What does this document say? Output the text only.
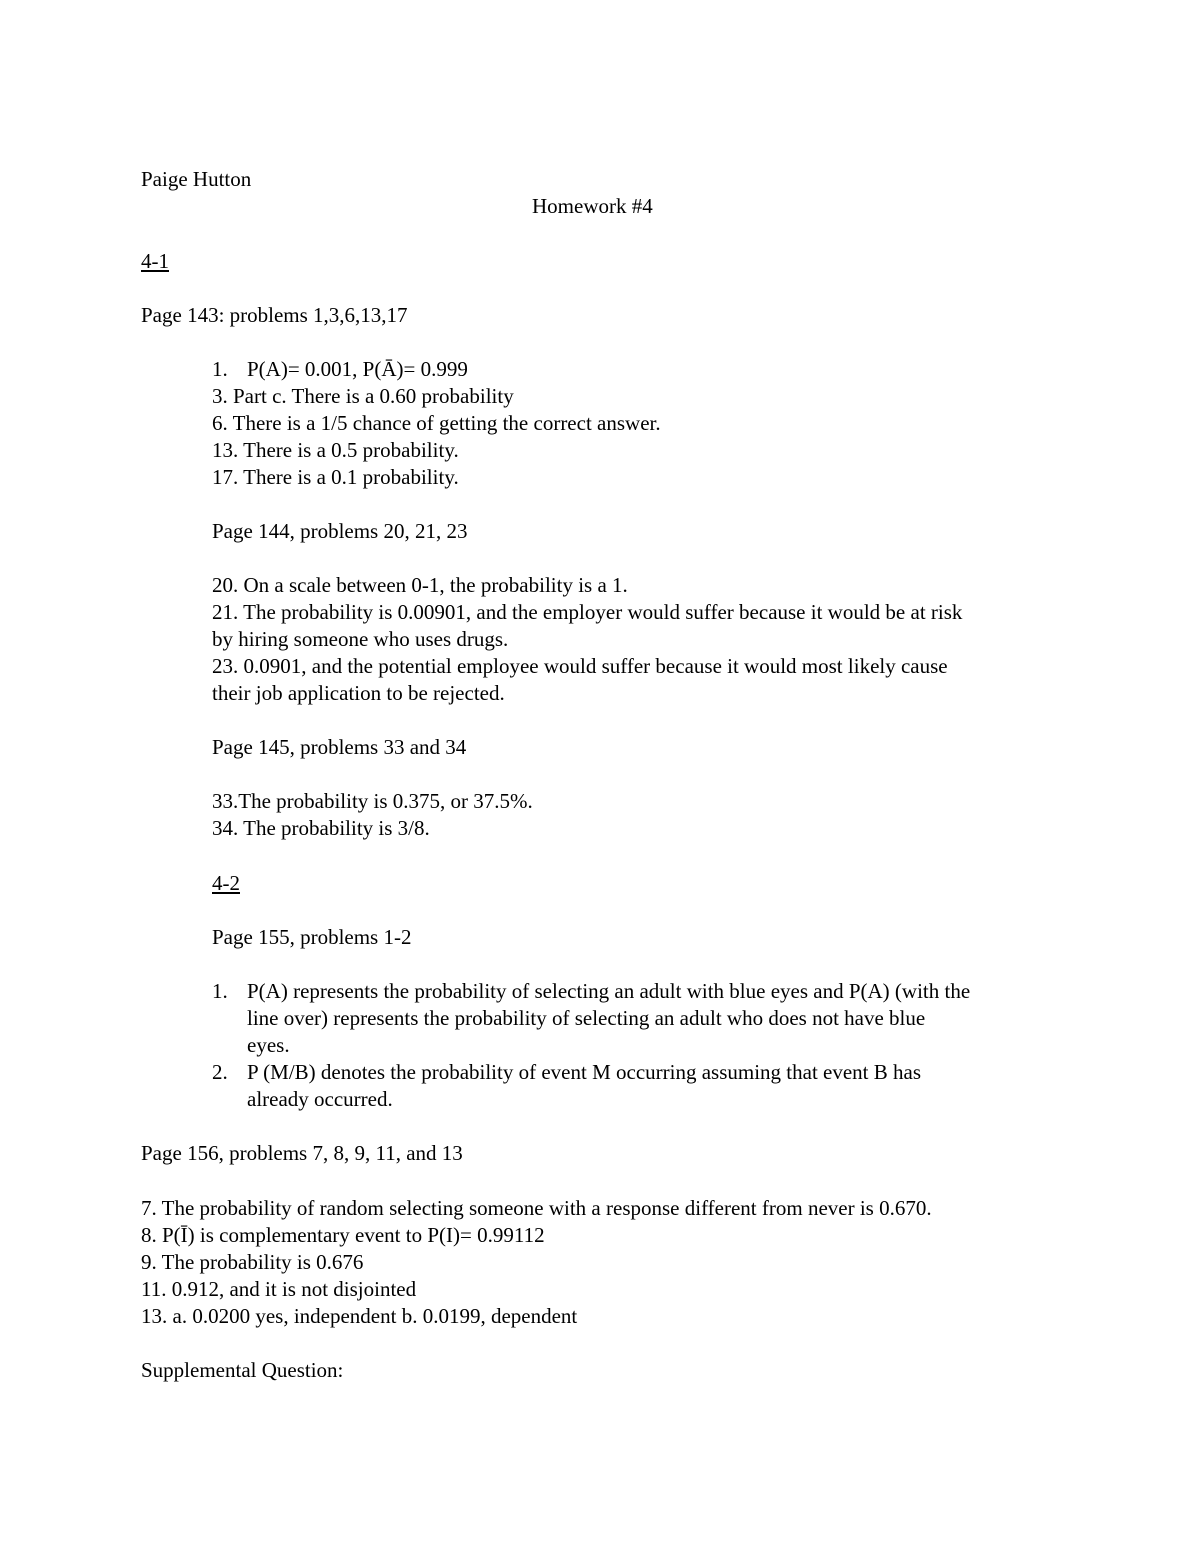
Paige Hutton
Homework #4
4-1
Page 143: problems 1,3,6,13,17
1. P(A)= 0.001, P(Ā)= 0.999
3. Part c. There is a 0.60 probability
6. There is a 1/5 chance of getting the correct answer.
13. There is a 0.5 probability.
17. There is a 0.1 probability.
Page 144, problems 20, 21, 23
20. On a scale between 0-1, the probability is a 1.
21. The probability is 0.00901, and the employer would suffer because it would be at risk
by hiring someone who uses drugs.
23. 0.0901, and the potential employee would suffer because it would most likely cause
their job application to be rejected.
Page 145, problems 33 and 34
33.The probability is 0.375, or 37.5%.
34. The probability is 3/8.
4-2
Page 155, problems 1-2
1. P(A) represents the probability of selecting an adult with blue eyes and P(A) (with the
line over) represents the probability of selecting an adult who does not have blue
eyes.
2. P (M/B) denotes the probability of event M occurring assuming that event B has
already occurred.
Page 156, problems 7, 8, 9, 11, and 13
7. The probability of random selecting someone with a response different from never is 0.670.
8. P(Ī) is complementary event to P(I)= 0.99112
9. The probability is 0.676
11. 0.912, and it is not disjointed
13. a. 0.0200 yes, independent b. 0.0199, dependent
Supplemental Question:
